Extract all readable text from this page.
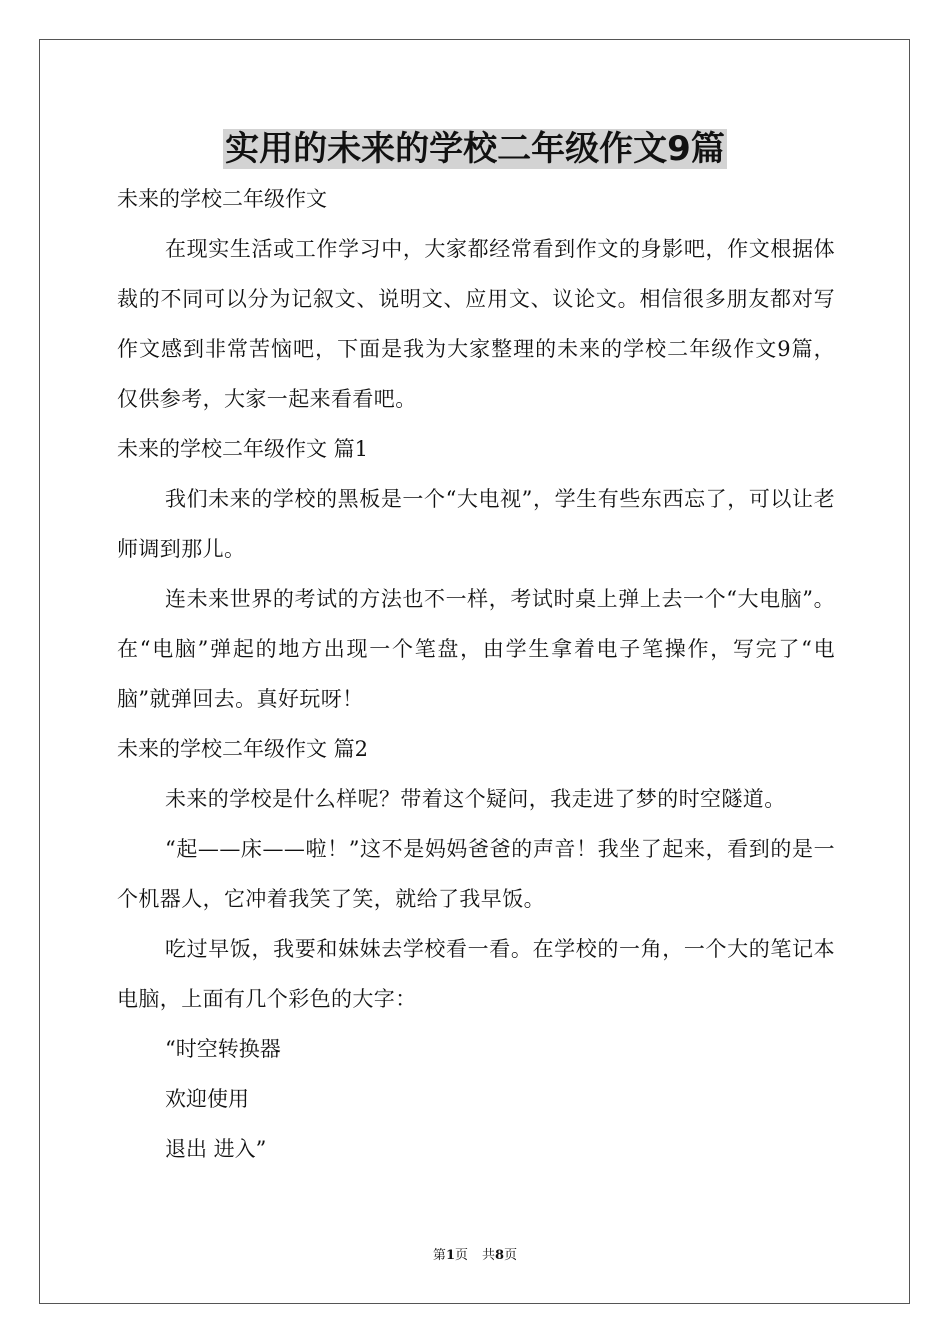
实用的未来的学校二年级作文9篇
未来的学校二年级作文
在现实生活或工作学习中，大家都经常看到作文的身影吧，作文根据体裁的不同可以分为记叙文、说明文、应用文、议论文。相信很多朋友都对写作文感到非常苦恼吧，下面是我为大家整理的未来的学校二年级作文9篇，仅供参考，大家一起来看看吧。
未来的学校二年级作文 篇1
我们未来的学校的黑板是一个“大电视”，学生有些东西忘了，可以让老师调到那儿。
连未来世界的考试的方法也不一样，考试时桌上弹上去一个“大电脑”。在“电脑”弹起的地方出现一个笔盘，由学生拿着电子笔操作，写完了“电脑”就弹回去。真好玩呀！
未来的学校二年级作文 篇2
未来的学校是什么样呢？带着这个疑问，我走进了梦的时空隧道。
“起——床——啦！”这不是妈妈爸爸的声音！我坐了起来，看到的是一个机器人，它冲着我笑了笑，就给了我早饭。
吃过早饭，我要和妹妹去学校看一看。在学校的一角，一个大的笔记本电脑，上面有几个彩色的大字：
“时空转换器
欢迎使用
退出 进入”
第1页 共8页
